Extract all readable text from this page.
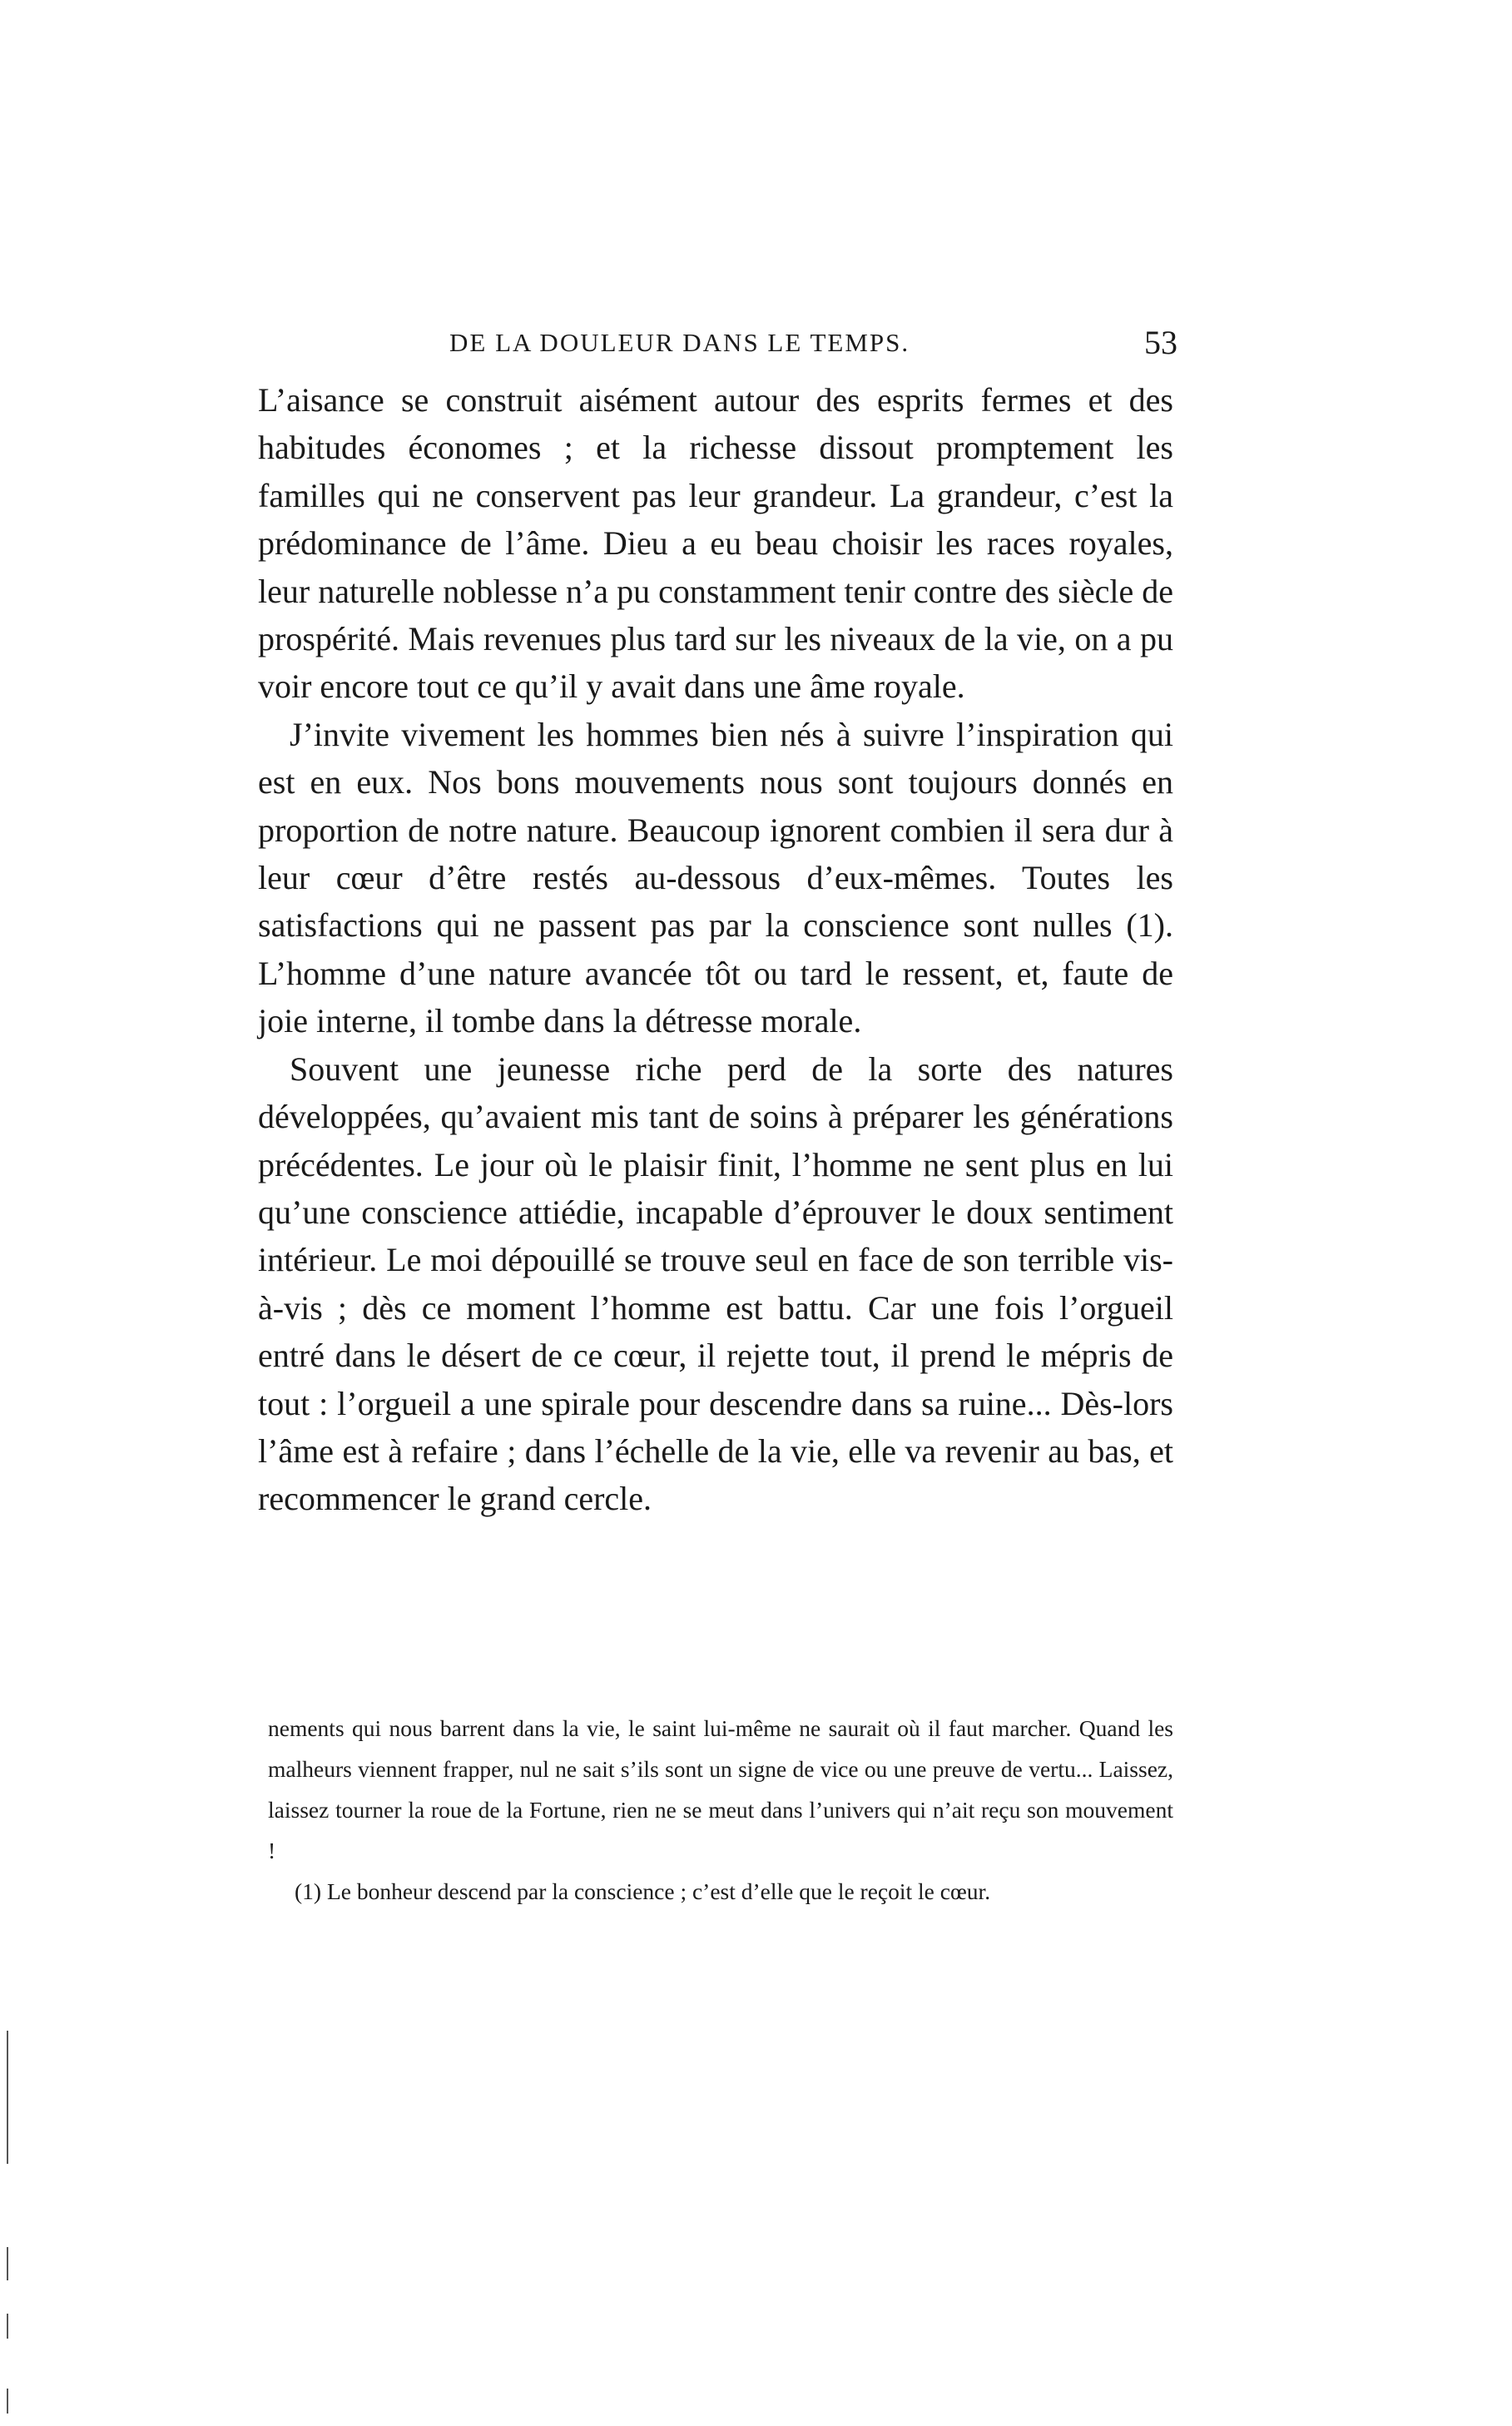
DE LA DOULEUR DANS LE TEMPS.	53

L’aisance se construit aisément autour des esprits fermes et des habitudes économes ; et la richesse dissout promptement les familles qui ne conservent pas leur grandeur. La grandeur, c’est la prédominance de l’âme. Dieu a eu beau choisir les races royales, leur naturelle noblesse n’a pu constamment tenir contre des siècle de prospérité. Mais revenues plus tard sur les niveaux de la vie, on a pu voir encore tout ce qu’il y avait dans une âme royale.

J’invite vivement les hommes bien nés à suivre l’inspiration qui est en eux. Nos bons mouvements nous sont toujours donnés en proportion de notre nature. Beaucoup ignorent combien il sera dur à leur cœur d’être restés au-dessous d’eux-mêmes. Toutes les satisfactions qui ne passent pas par la conscience sont nulles (1). L’homme d’une nature avancée tôt ou tard le ressent, et, faute de joie interne, il tombe dans la détresse morale.

Souvent une jeunesse riche perd de la sorte des natures développées, qu’avaient mis tant de soins à préparer les générations précédentes. Le jour où le plaisir finit, l’homme ne sent plus en lui qu’une conscience attiédie, incapable d’éprouver le doux sentiment intérieur. Le moi dépouillé se trouve seul en face de son terrible vis-à-vis ; dès ce moment l’homme est battu. Car une fois l’orgueil entré dans le désert de ce cœur, il rejette tout, il prend le mépris de tout : l’orgueil a une spirale pour descendre dans sa ruine... Dès-lors l’âme est à refaire ; dans l’échelle de la vie, elle va revenir au bas, et recommencer le grand cercle.

nements qui nous barrent dans la vie, le saint lui-même ne saurait où il faut marcher. Quand les malheurs viennent frapper, nul ne sait s’ils sont un signe de vice ou une preuve de vertu... Laissez, laissez tourner la roue de la Fortune, rien ne se meut dans l’univers qui n’ait reçu son mouvement !

(1) Le bonheur descend par la conscience ; c’est d’elle que le reçoit le cœur.
